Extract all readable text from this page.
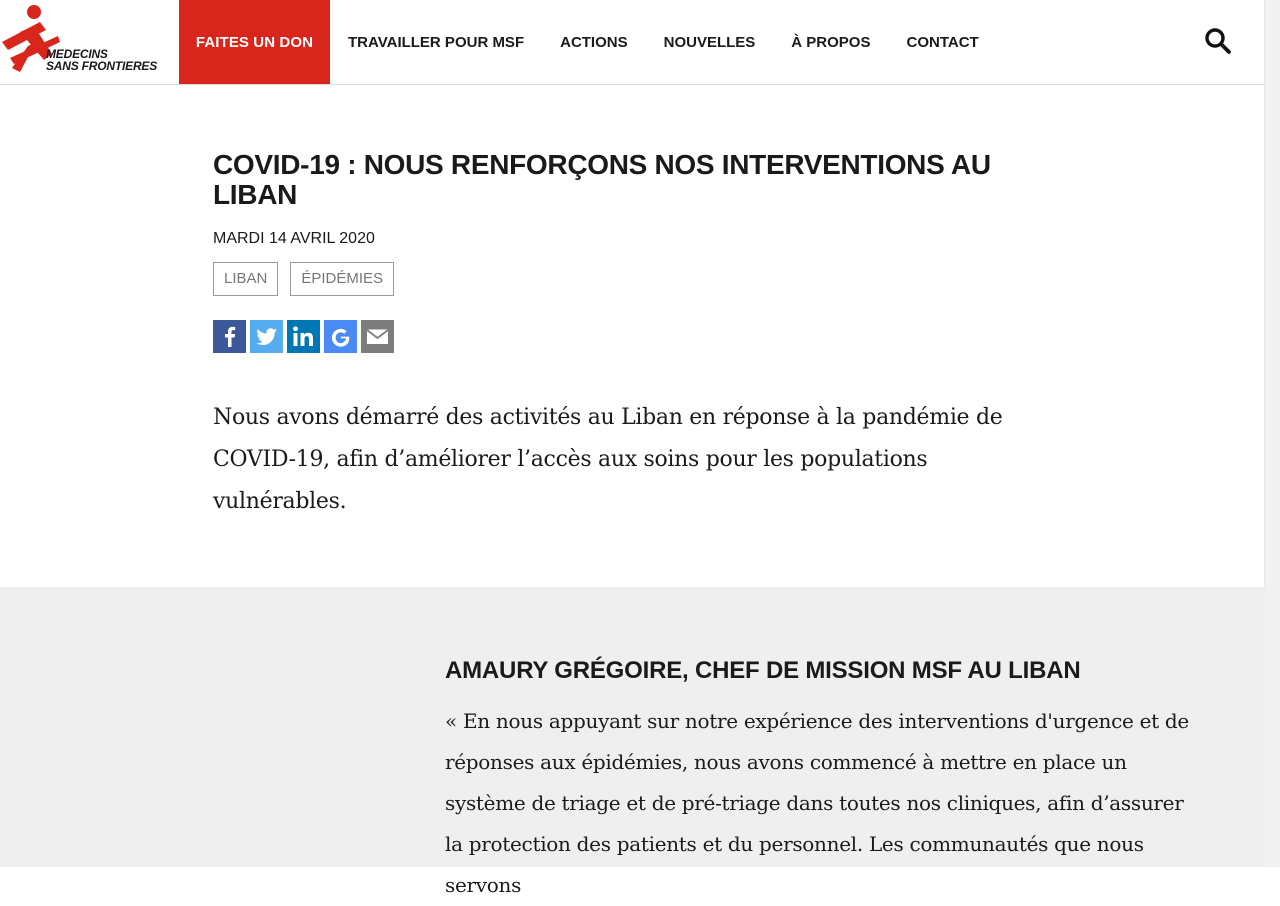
MEDECINS
SANS FRONTIERES
FAITES UN DON	TRAVAILLER POUR MSF	ACTIONS	NOUVELLES	À PROPOS	CONTACT
COVID-19 : NOUS RENFORÇONS NOS INTERVENTIONS AU LIBAN
MARDI 14 AVRIL 2020
LIBAN	ÉPIDÉMIES

Nous avons démarré des activités au Liban en réponse à la pandémie de COVID-19, afin d’améliorer l’accès aux soins pour les populations vulnérables.

AMAURY GRÉGOIRE, CHEF DE MISSION MSF AU LIBAN
« En nous appuyant sur notre expérience des interventions d'urgence et de réponses aux épidémies, nous avons commencé à mettre en place un système de triage et de pré-triage dans toutes nos cliniques, afin d’assurer la protection des patients et du personnel. Les communautés que nous servons
